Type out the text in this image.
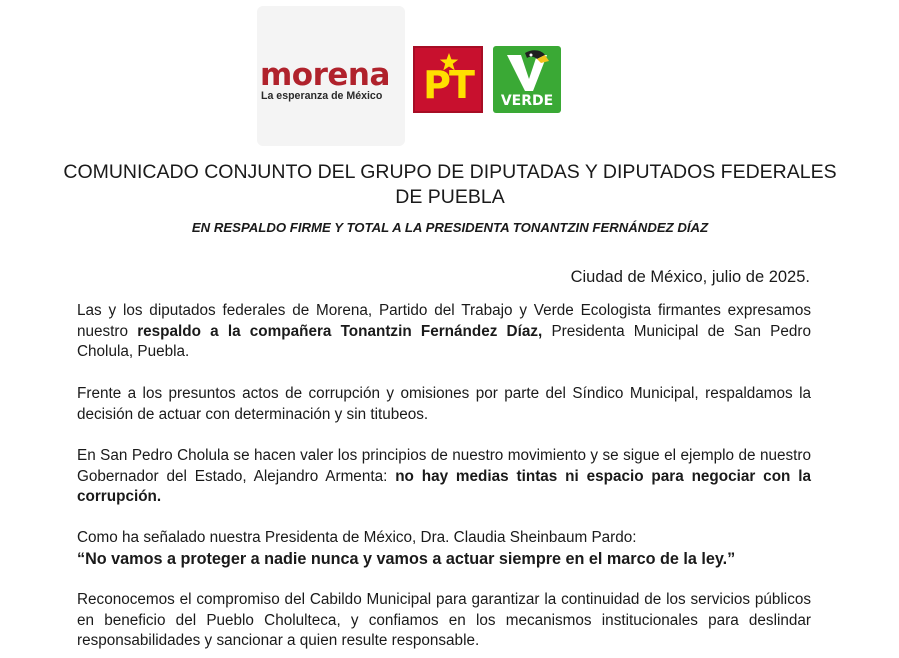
morena
La esperanza de México	PT	VERDE
COMUNICADO CONJUNTO DEL GRUPO DE DIPUTADAS Y DIPUTADOS FEDERALES DE PUEBLA
EN RESPALDO FIRME Y TOTAL A LA PRESIDENTA TONANTZIN FERNÁNDEZ DÍAZ

Ciudad de México, julio de 2025.

Las y los diputados federales de Morena, Partido del Trabajo y Verde Ecologista firmantes expresamos nuestro respaldo a la compañera Tonantzin Fernández Díaz, Presidenta Municipal de San Pedro Cholula, Puebla.

Frente a los presuntos actos de corrupción y omisiones por parte del Síndico Municipal, respaldamos la decisión de actuar con determinación y sin titubeos.

En San Pedro Cholula se hacen valer los principios de nuestro movimiento y se sigue el ejemplo de nuestro Gobernador del Estado, Alejandro Armenta: no hay medias tintas ni espacio para negociar con la corrupción.

Como ha señalado nuestra Presidenta de México, Dra. Claudia Sheinbaum Pardo:
“No vamos a proteger a nadie nunca y vamos a actuar siempre en el marco de la ley.”

Reconocemos el compromiso del Cabildo Municipal para garantizar la continuidad de los servicios públicos en beneficio del Pueblo Cholulteca, y confiamos en los mecanismos institucionales para deslindar responsabilidades y sancionar a quien resulte responsable.
